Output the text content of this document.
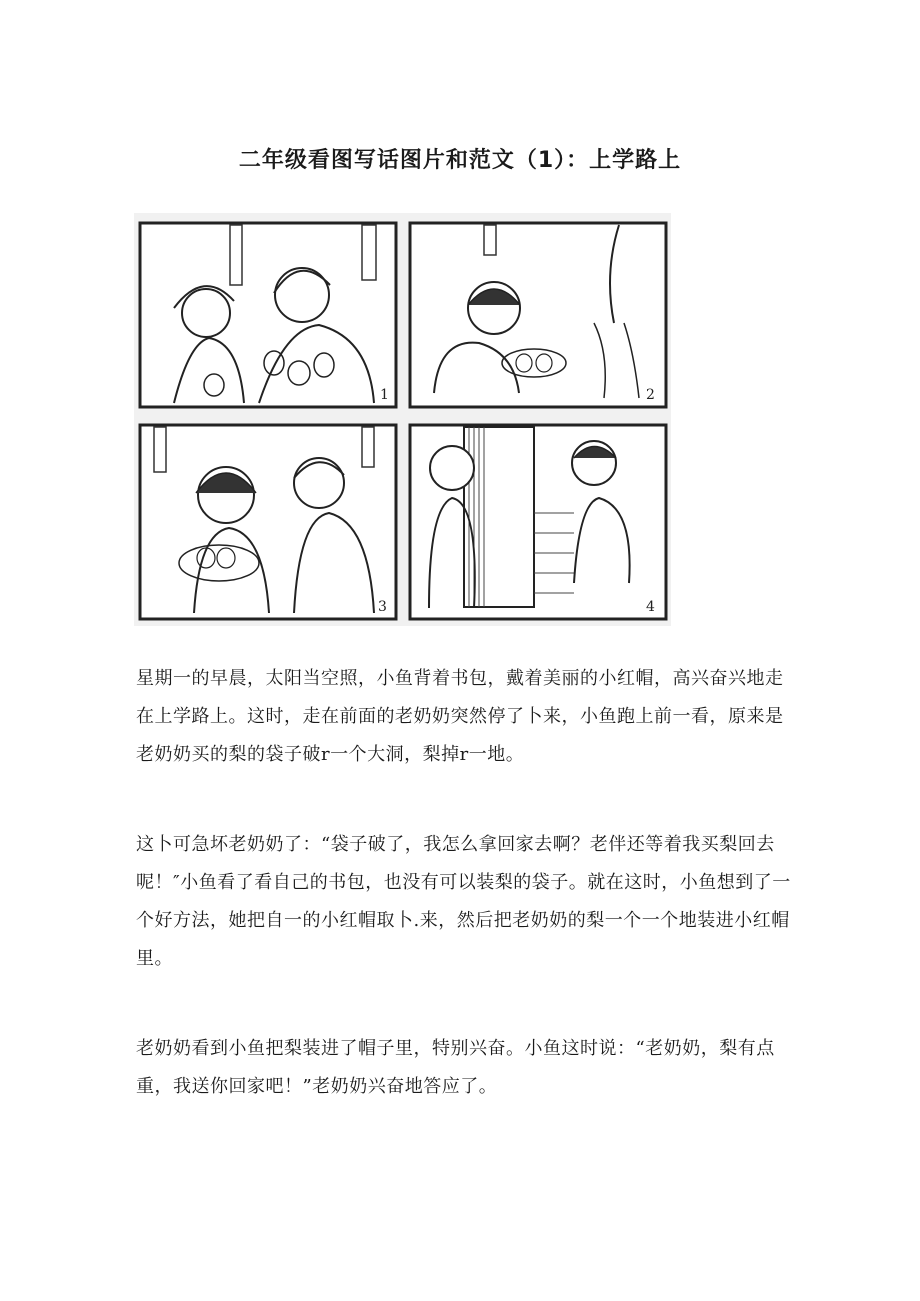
二年级看图写话图片和范文（1）：上学路上
1	2
3	4

星期一的早晨，太阳当空照，小鱼背着书包，戴着美丽的小红帽，高兴奋兴地走在上学路上。这时，走在前面的老奶奶突然停了卜来，小鱼跑上前一看，原来是老奶奶买的梨的袋子破r一个大洞，梨掉r一地。

这卜可急坏老奶奶了：“袋子破了，我怎么拿回家去啊？老伴还等着我买梨回去呢！″小鱼看了看自己的书包，也没有可以装梨的袋子。就在这时，小鱼想到了一个好方法，她把自一的小红帽取卜.来，然后把老奶奶的梨一个一个地装进小红帽里。

老奶奶看到小鱼把梨装进了帽子里，特别兴奋。小鱼这时说：“老奶奶，梨有点重，我送你回家吧！”老奶奶兴奋地答应了。
